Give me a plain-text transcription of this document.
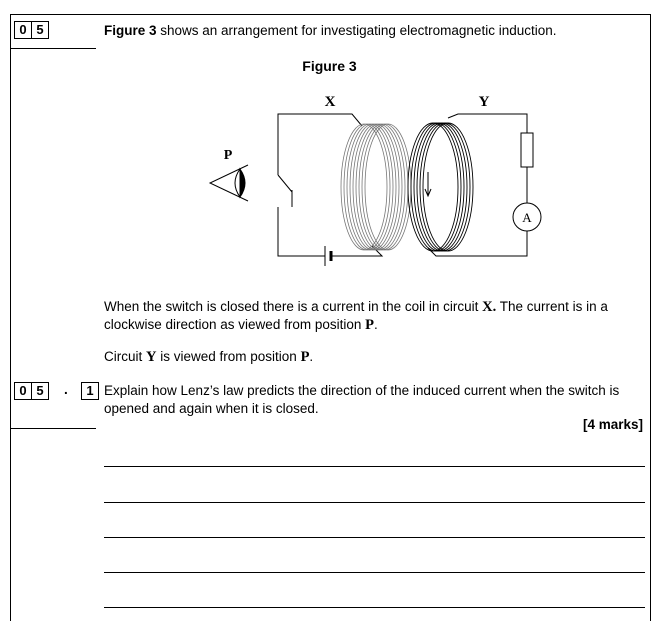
0 5	Figure 3 shows an arrangement for investigating electromagnetic induction.
Figure 3
X	Y
P
A
When the switch is closed there is a current in the coil in circuit X. The current is in a clockwise direction as viewed from position P.
Circuit Y is viewed from position P.
0 5	.	1 Explain how Lenz’s law predicts the direction of the induced current when the switch is opened and again when it is closed.
[4 marks]
